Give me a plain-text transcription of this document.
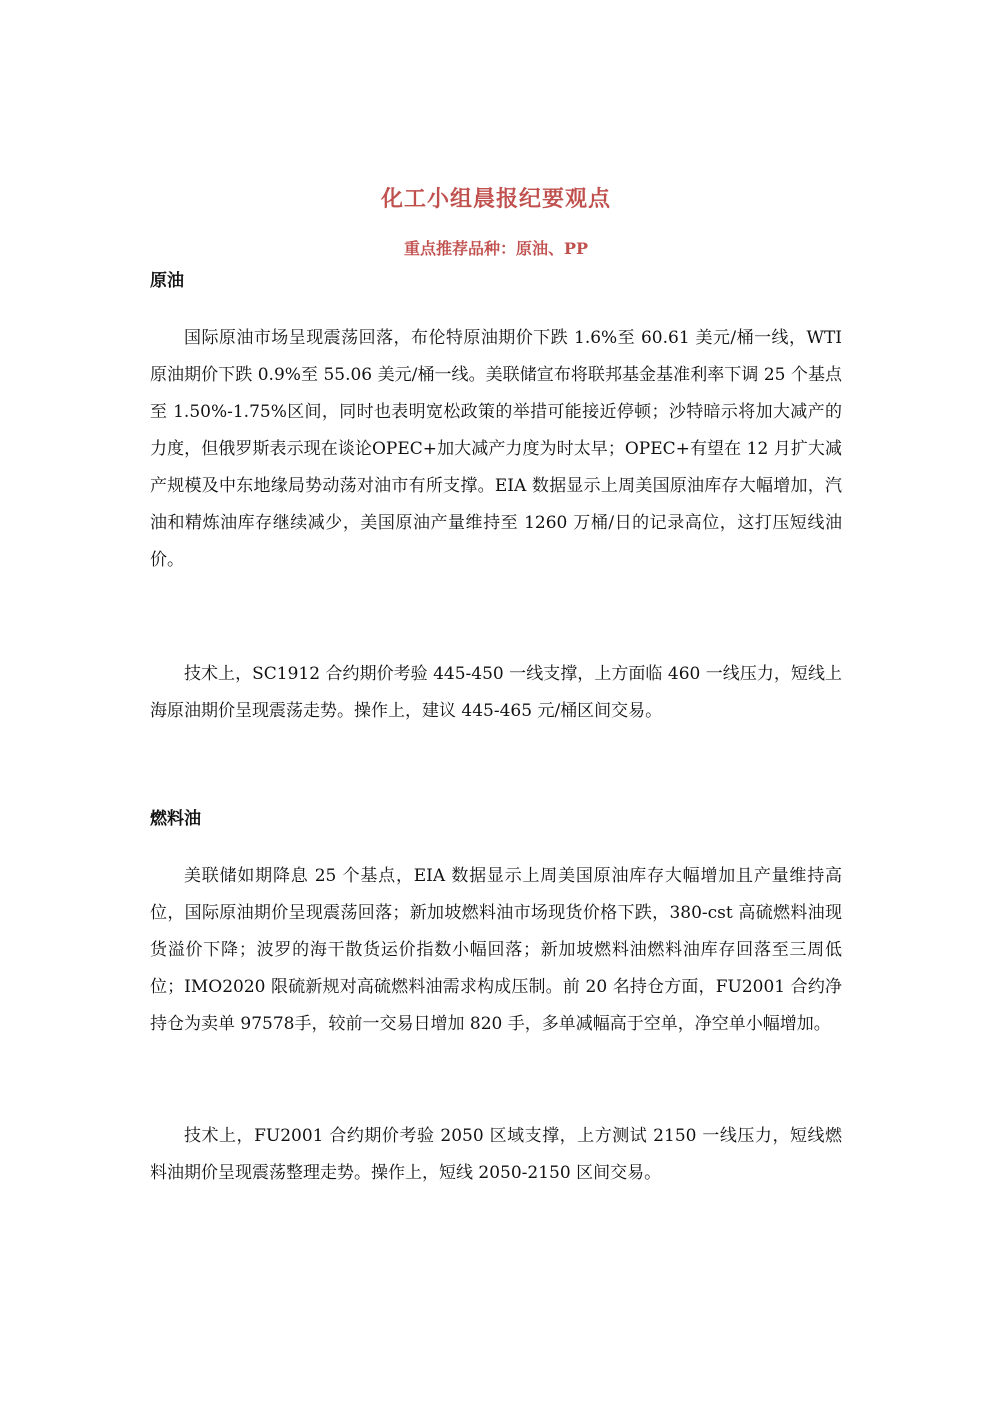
化工小组晨报纪要观点
重点推荐品种：原油、PP
原油

国际原油市场呈现震荡回落，布伦特原油期价下跌 1.6%至 60.61 美元/桶一线，WTI 原油期价下跌 0.9%至 55.06 美元/桶一线。美联储宣布将联邦基金基准利率下调 25 个基点至 1.50%-1.75%区间，同时也表明宽松政策的举措可能接近停顿；沙特暗示将加大减产的力度，但俄罗斯表示现在谈论OPEC+加大减产力度为时太早；OPEC+有望在 12 月扩大减产规模及中东地缘局势动荡对油市有所支撑。EIA 数据显示上周美国原油库存大幅增加，汽油和精炼油库存继续减少，美国原油产量维持至 1260 万桶/日的记录高位，这打压短线油价。

技术上，SC1912 合约期价考验 445-450 一线支撑，上方面临 460 一线压力，短线上海原油期价呈现震荡走势。操作上，建议 445-465 元/桶区间交易。

燃料油

美联储如期降息 25 个基点，EIA 数据显示上周美国原油库存大幅增加且产量维持高位，国际原油期价呈现震荡回落；新加坡燃料油市场现货价格下跌，380-cst 高硫燃料油现货溢价下降；波罗的海干散货运价指数小幅回落；新加坡燃料油燃料油库存回落至三周低位；IMO2020 限硫新规对高硫燃料油需求构成压制。前 20 名持仓方面，FU2001 合约净持仓为卖单 97578手，较前一交易日增加 820 手，多单减幅高于空单，净空单小幅增加。

技术上，FU2001 合约期价考验 2050 区域支撑，上方测试 2150 一线压力，短线燃料油期价呈现震荡整理走势。操作上，短线 2050-2150 区间交易。
